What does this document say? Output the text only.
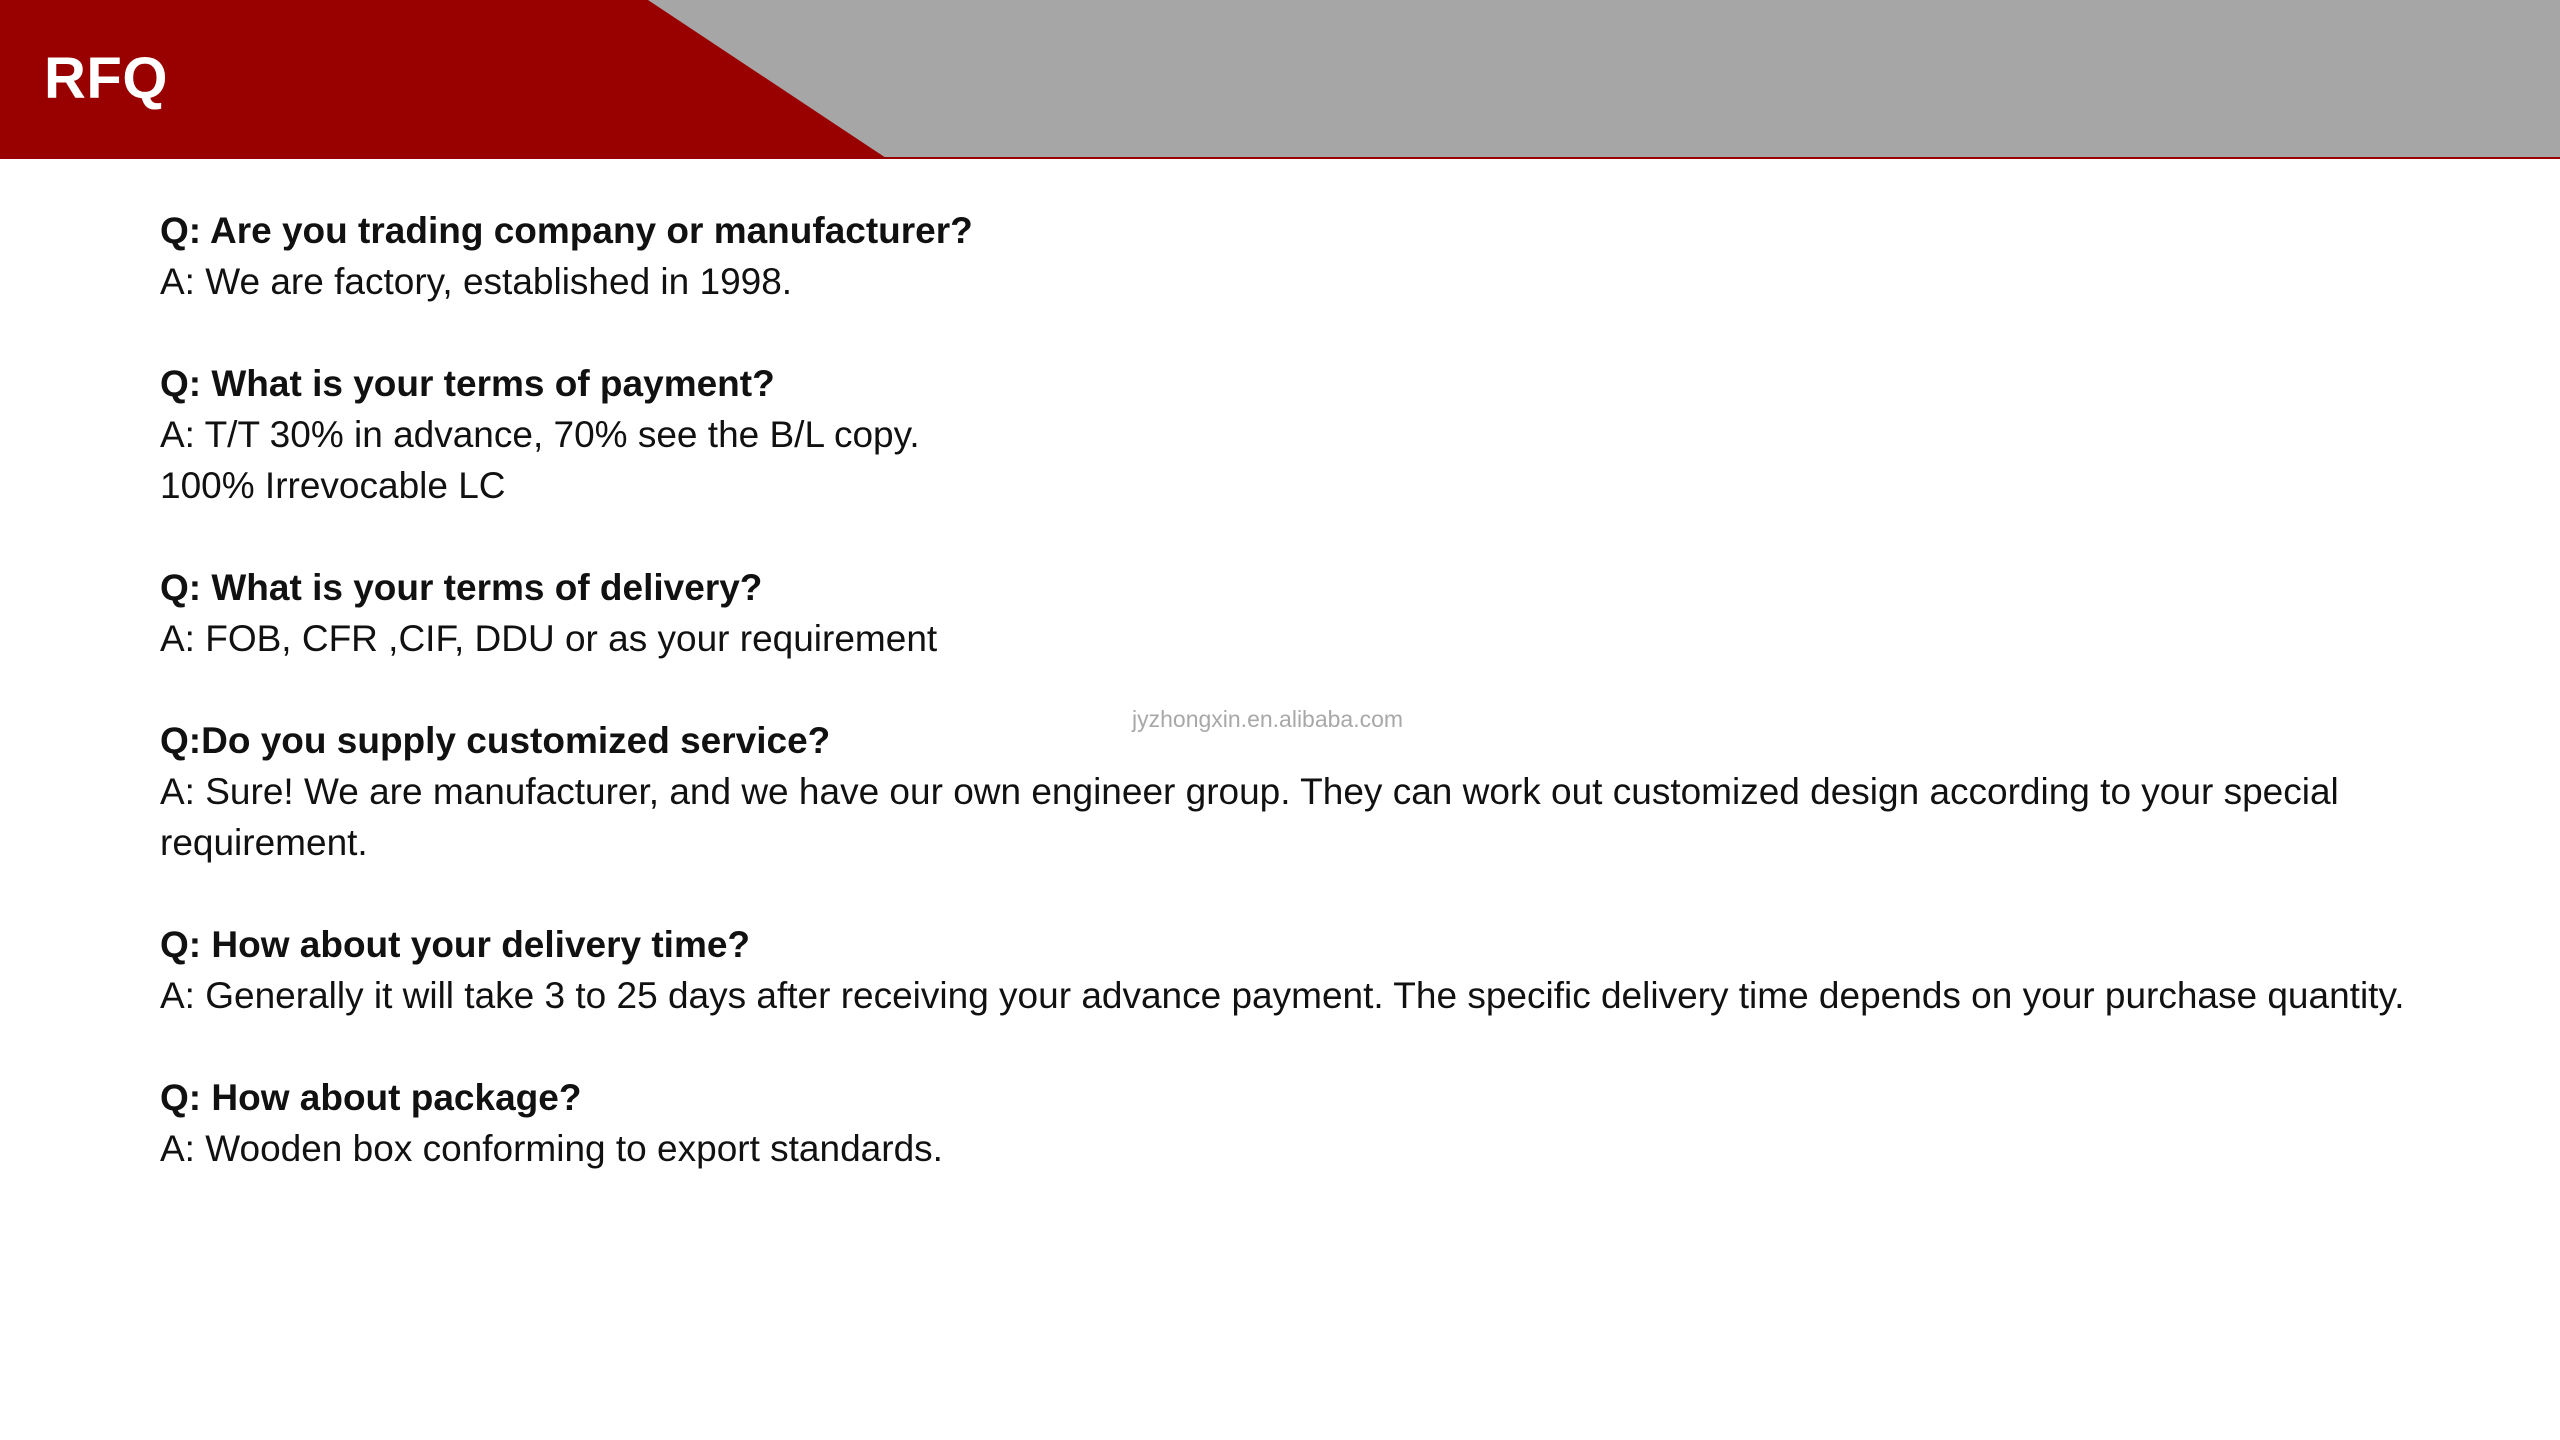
RFQ
jyzhongxin.en.alibaba.com
Q: Are you trading company or manufacturer?
A: We are factory, established in 1998.
Q: What is your terms of payment?
A: T/T 30% in advance, 70% see the B/L copy.
100% Irrevocable LC
Q: What is your terms of delivery?
A: FOB, CFR ,CIF, DDU or as your requirement
Q:Do you supply customized service?
A: Sure! We are manufacturer, and we have our own engineer group. They can work out customized design according to your special requirement.
Q: How about your delivery time?
A: Generally it will take 3 to 25 days after receiving your advance payment. The specific delivery time depends on your purchase quantity.
Q: How about package?
A: Wooden box conforming to export standards.
